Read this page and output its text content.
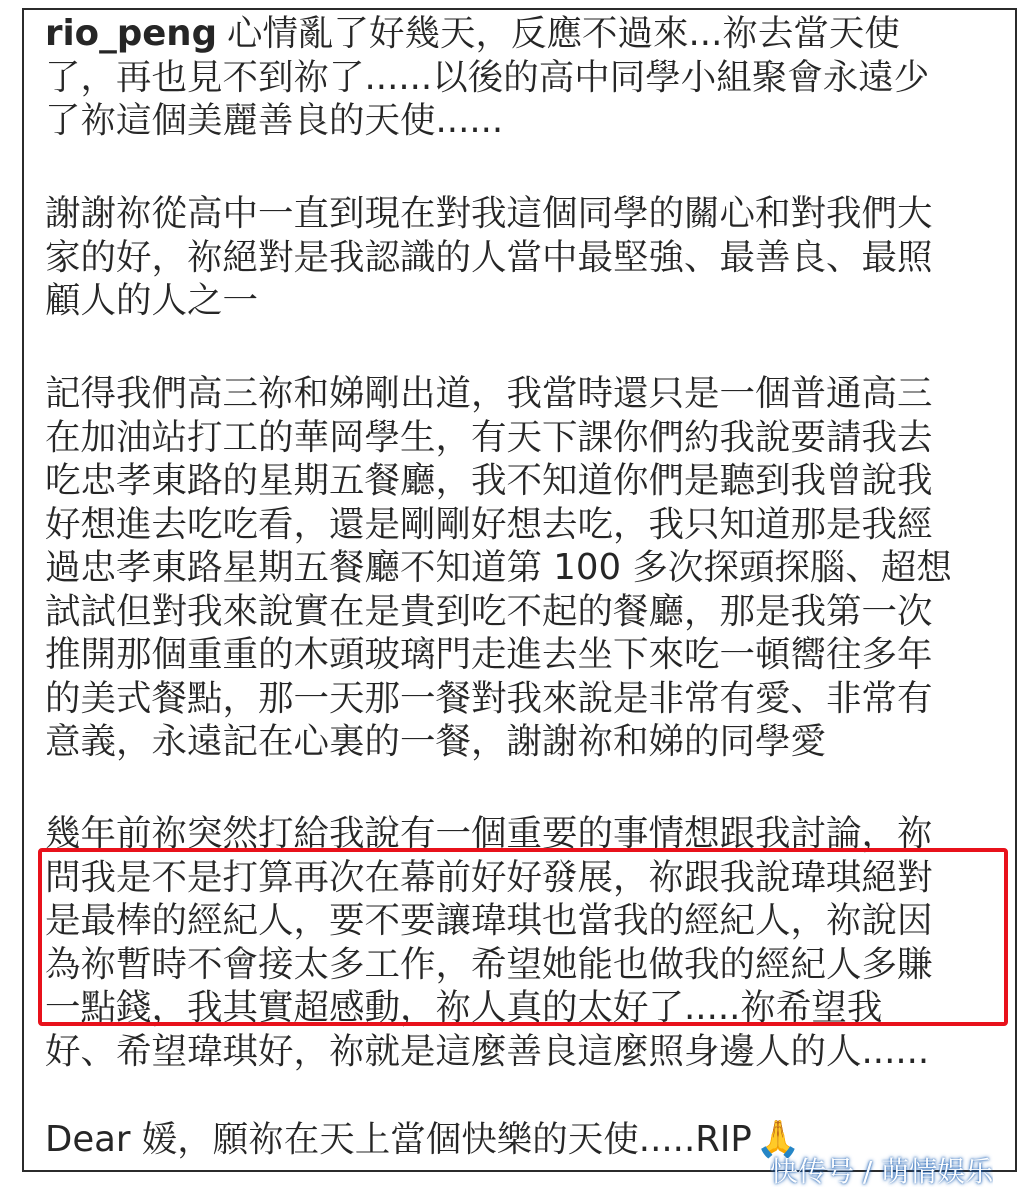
rio_peng 心情亂了好幾天，反應不過來...祢去當天使
了，再也見不到祢了......以後的高中同學小組聚會永遠少
了祢這個美麗善良的天使......
謝謝祢從高中一直到現在對我這個同學的關心和對我們大
家的好，祢絕對是我認識的人當中最堅強、最善良、最照
顧人的人之一
記得我們高三祢和娣剛出道，我當時還只是一個普通高三
在加油站打工的華岡學生，有天下課你們約我說要請我去
吃忠孝東路的星期五餐廳，我不知道你們是聽到我曾說我
好想進去吃吃看，還是剛剛好想去吃，我只知道那是我經
過忠孝東路星期五餐廳不知道第 100 多次探頭探腦、超想
試試但對我來說實在是貴到吃不起的餐廳，那是我第一次
推開那個重重的木頭玻璃門走進去坐下來吃一頓嚮往多年
的美式餐點，那一天那一餐對我來說是非常有愛、非常有
意義，永遠記在心裏的一餐，謝謝祢和娣的同學愛
幾年前祢突然打給我說有一個重要的事情想跟我討論，祢
問我是不是打算再次在幕前好好發展，祢跟我說瑋琪絕對
是最棒的經紀人，要不要讓瑋琪也當我的經紀人，祢說因
為祢暫時不會接太多工作，希望她能也做我的經紀人多賺
一點錢，我其實超感動，祢人真的太好了.....祢希望我
好、希望瑋琪好，祢就是這麼善良這麼照身邊人的人......
Dear 媛，願祢在天上當個快樂的天使.....RIP 🙏
快传号 / 萌情娱乐
